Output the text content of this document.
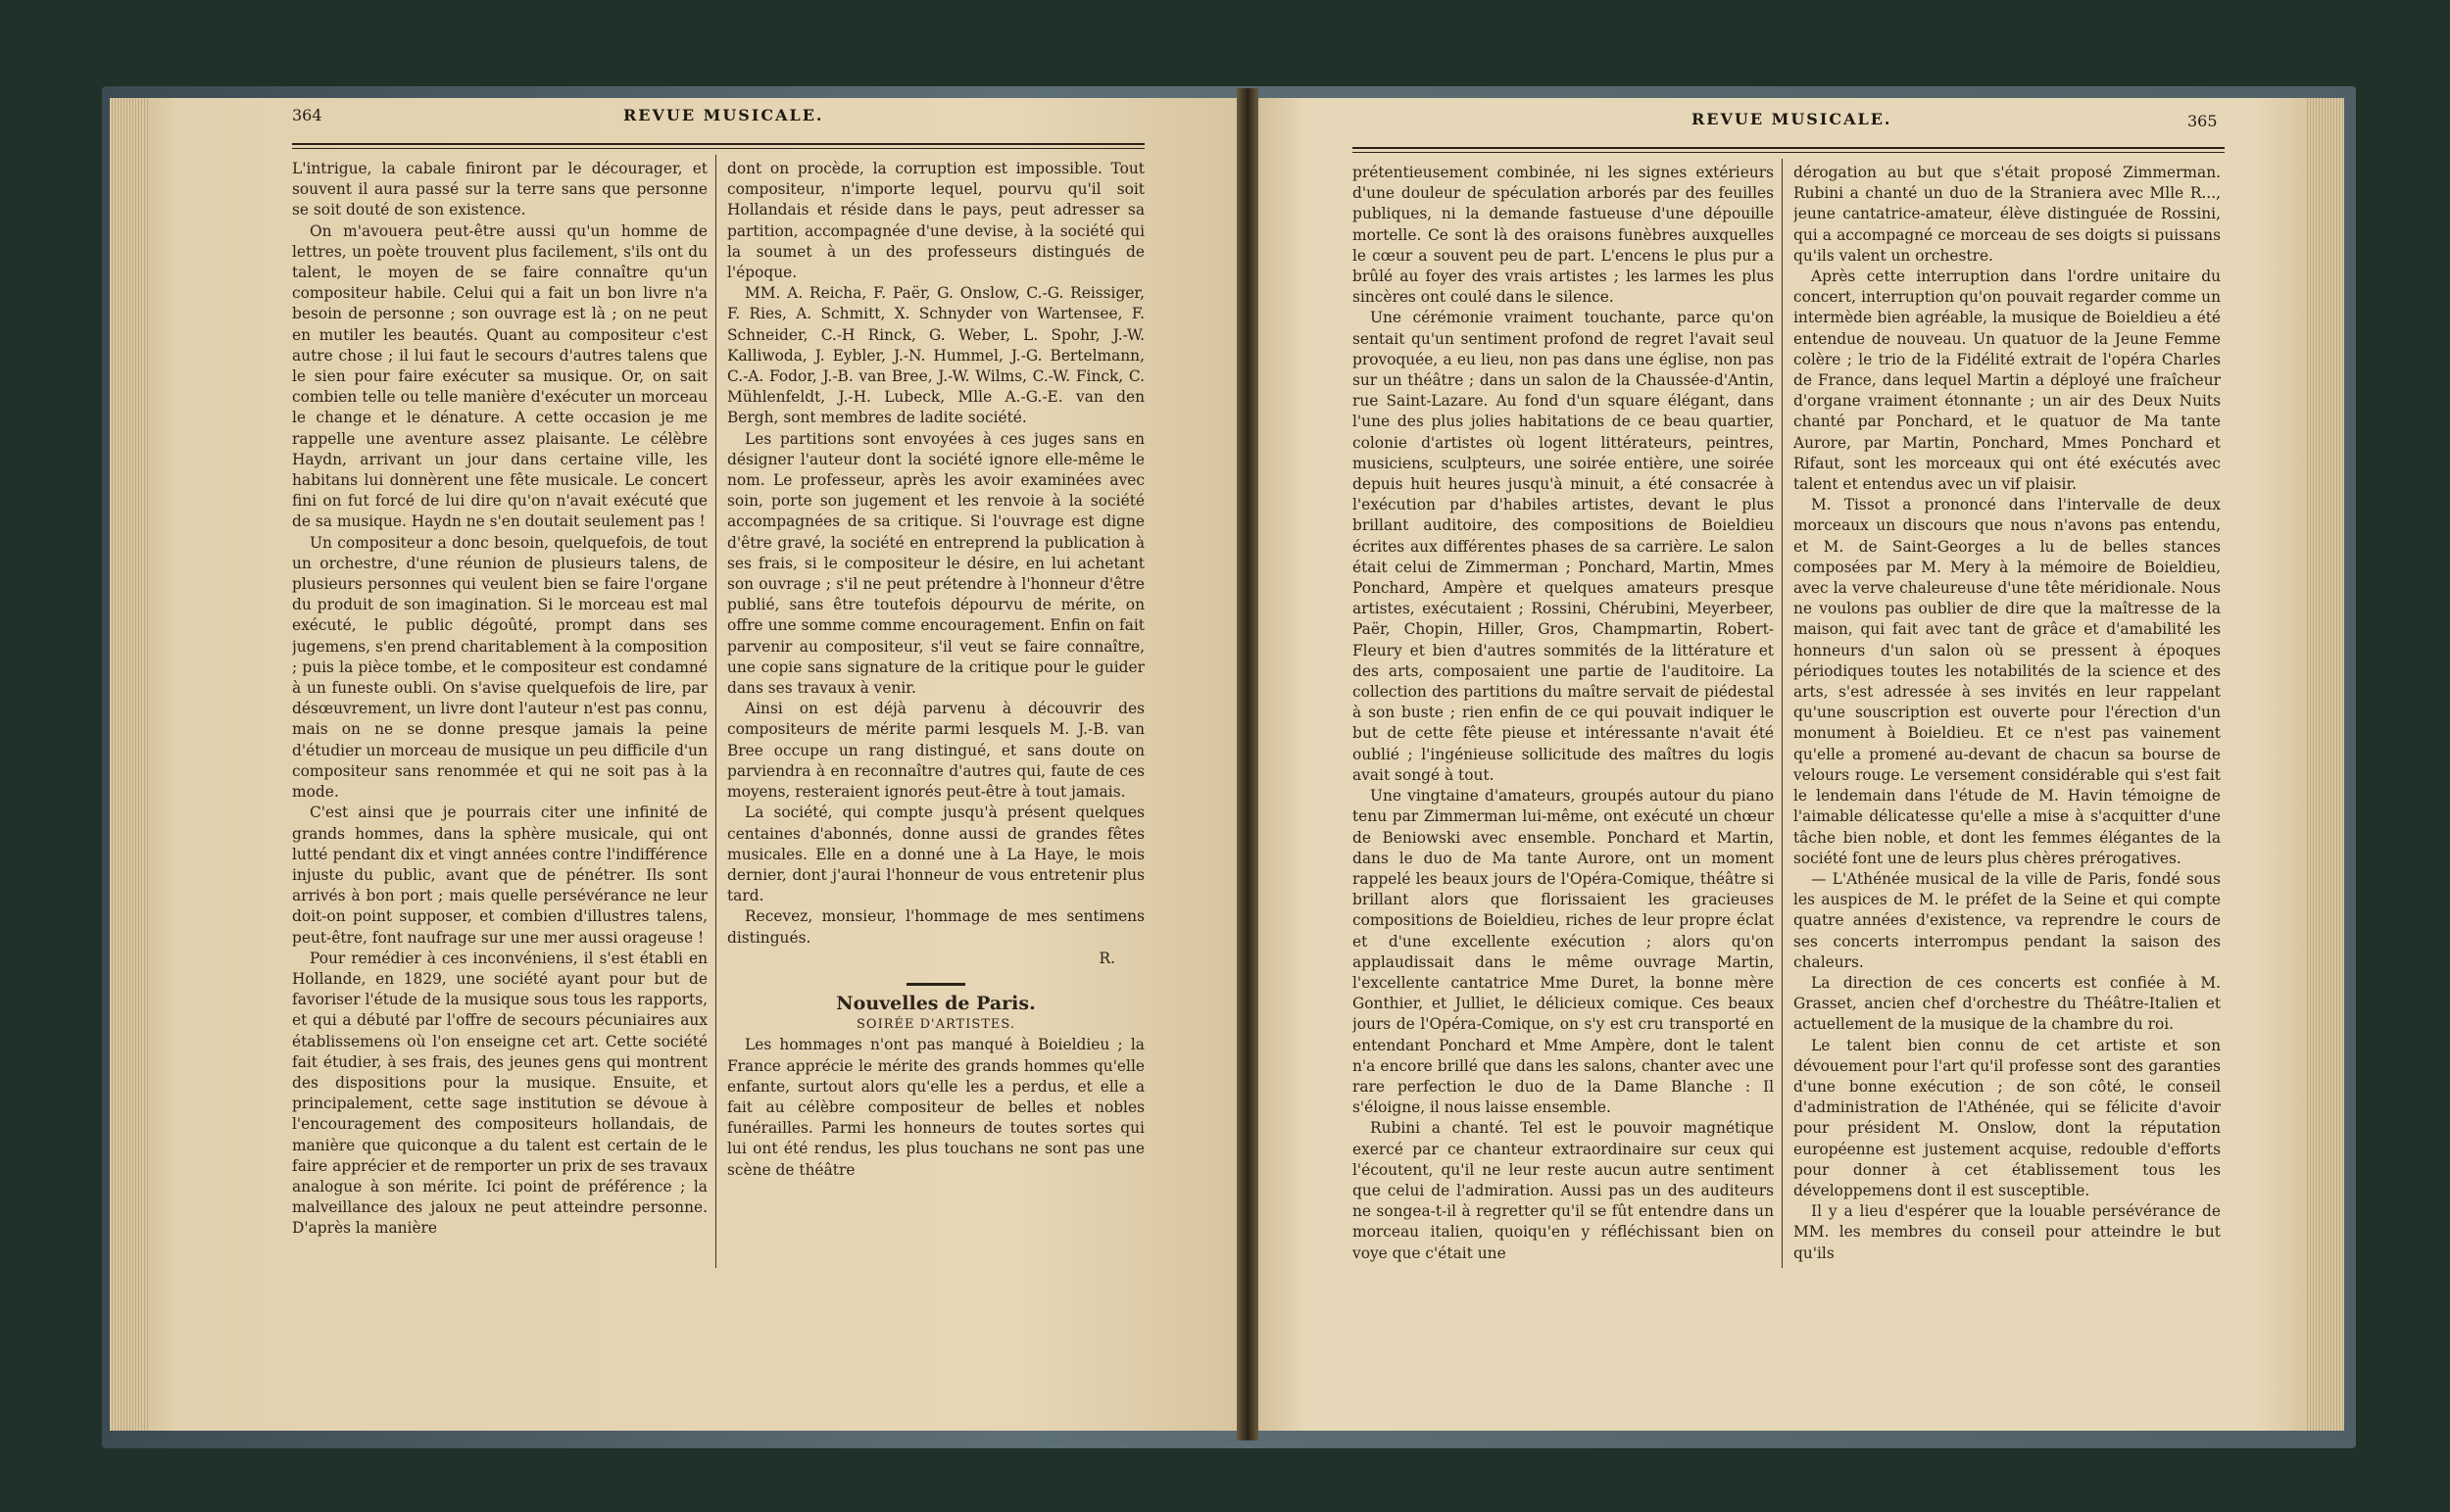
364	REVUE MUSICALE.

L'intrigue, la cabale finiront par le décourager, et souvent il aura passé sur la terre sans que personne se soit douté de son existence.

On m'avouera peut-être aussi qu'un homme de lettres, un poète trouvent plus facilement, s'ils ont du talent, le moyen de se faire connaître qu'un compositeur habile. Celui qui a fait un bon livre n'a besoin de personne ; son ouvrage est là ; on ne peut en mutiler les beautés. Quant au compositeur c'est autre chose ; il lui faut le secours d'autres talens que le sien pour faire exécuter sa musique. Or, on sait combien telle ou telle manière d'exécuter un morceau le change et le dénature. A cette occasion je me rappelle une aventure assez plaisante. Le célèbre Haydn, arrivant un jour dans certaine ville, les habitans lui donnèrent une fête musicale. Le concert fini on fut forcé de lui dire qu'on n'avait exécuté que de sa musique. Haydn ne s'en doutait seulement pas !

Un compositeur a donc besoin, quelquefois, de tout un orchestre, d'une réunion de plusieurs talens, de plusieurs personnes qui veulent bien se faire l'organe du produit de son imagination. Si le morceau est mal exécuté, le public dégoûté, prompt dans ses jugemens, s'en prend charitablement à la composition ; puis la pièce tombe, et le compositeur est condamné à un funeste oubli. On s'avise quelquefois de lire, par désœuvrement, un livre dont l'auteur n'est pas connu, mais on ne se donne presque jamais la peine d'étudier un morceau de musique un peu difficile d'un compositeur sans renommée et qui ne soit pas à la mode.

C'est ainsi que je pourrais citer une infinité de grands hommes, dans la sphère musicale, qui ont lutté pendant dix et vingt années contre l'indifférence injuste du public, avant que de pénétrer. Ils sont arrivés à bon port ; mais quelle persévérance ne leur doit-on point supposer, et combien d'illustres talens, peut-être, font naufrage sur une mer aussi orageuse !

Pour remédier à ces inconvéniens, il s'est établi en Hollande, en 1829, une société ayant pour but de favoriser l'étude de la musique sous tous les rapports, et qui a débuté par l'offre de secours pécuniaires aux établissemens où l'on enseigne cet art. Cette société fait étudier, à ses frais, des jeunes gens qui montrent des dispositions pour la musique. Ensuite, et principalement, cette sage institution se dévoue à l'encouragement des compositeurs hollandais, de manière que quiconque a du talent est certain de le faire apprécier et de remporter un prix de ses travaux analogue à son mérite. Ici point de préférence ; la malveillance des jaloux ne peut atteindre personne. D'après la manière

dont on procède, la corruption est impossible. Tout compositeur, n'importe lequel, pourvu qu'il soit Hollandais et réside dans le pays, peut adresser sa partition, accompagnée d'une devise, à la société qui la soumet à un des professeurs distingués de l'époque.

MM. A. Reicha, F. Paër, G. Onslow, C.-G. Reissiger, F. Ries, A. Schmitt, X. Schnyder von Wartensee, F. Schneider, C.-H Rinck, G. Weber, L. Spohr, J.-W. Kalliwoda, J. Eybler, J.-N. Hummel, J.-G. Bertelmann, C.-A. Fodor, J.-B. van Bree, J.-W. Wilms, C.-W. Finck, C. Mühlenfeldt, J.-H. Lubeck, Mlle A.-G.-E. van den Bergh, sont membres de ladite société.

Les partitions sont envoyées à ces juges sans en désigner l'auteur dont la société ignore elle-même le nom. Le professeur, après les avoir examinées avec soin, porte son jugement et les renvoie à la société accompagnées de sa critique. Si l'ouvrage est digne d'être gravé, la société en entreprend la publication à ses frais, si le compositeur le désire, en lui achetant son ouvrage ; s'il ne peut prétendre à l'honneur d'être publié, sans être toutefois dépourvu de mérite, on offre une somme comme encouragement. Enfin on fait parvenir au compositeur, s'il veut se faire connaître, une copie sans signature de la critique pour le guider dans ses travaux à venir.

Ainsi on est déjà parvenu à découvrir des compositeurs de mérite parmi lesquels M. J.-B. van Bree occupe un rang distingué, et sans doute on parviendra à en reconnaître d'autres qui, faute de ces moyens, resteraient ignorés peut-être à tout jamais.

La société, qui compte jusqu'à présent quelques centaines d'abonnés, donne aussi de grandes fêtes musicales. Elle en a donné une à La Haye, le mois dernier, dont j'aurai l'honneur de vous entretenir plus tard.

Recevez, monsieur, l'hommage de mes sentimens distingués.

R.

Nouvelles de Paris.

SOIRÉE D'ARTISTES.

Les hommages n'ont pas manqué à Boieldieu ; la France apprécie le mérite des grands hommes qu'elle enfante, surtout alors qu'elle les a perdus, et elle a fait au célèbre compositeur de belles et nobles funérailles. Parmi les honneurs de toutes sortes qui lui ont été rendus, les plus touchans ne sont pas une scène de théâtre

REVUE MUSICALE.	365

prétentieusement combinée, ni les signes extérieurs d'une douleur de spéculation arborés par des feuilles publiques, ni la demande fastueuse d'une dépouille mortelle. Ce sont là des oraisons funèbres auxquelles le cœur a souvent peu de part. L'encens le plus pur a brûlé au foyer des vrais artistes ; les larmes les plus sincères ont coulé dans le silence.

Une cérémonie vraiment touchante, parce qu'on sentait qu'un sentiment profond de regret l'avait seul provoquée, a eu lieu, non pas dans une église, non pas sur un théâtre ; dans un salon de la Chaussée-d'Antin, rue Saint-Lazare. Au fond d'un square élégant, dans l'une des plus jolies habitations de ce beau quartier, colonie d'artistes où logent littérateurs, peintres, musiciens, sculpteurs, une soirée entière, une soirée depuis huit heures jusqu'à minuit, a été consacrée à l'exécution par d'habiles artistes, devant le plus brillant auditoire, des compositions de Boieldieu écrites aux différentes phases de sa carrière. Le salon était celui de Zimmerman ; Ponchard, Martin, Mmes Ponchard, Ampère et quelques amateurs presque artistes, exécutaient ; Rossini, Chérubini, Meyerbeer, Paër, Chopin, Hiller, Gros, Champmartin, Robert-Fleury et bien d'autres sommités de la littérature et des arts, composaient une partie de l'auditoire. La collection des partitions du maître servait de piédestal à son buste ; rien enfin de ce qui pouvait indiquer le but de cette fête pieuse et intéressante n'avait été oublié ; l'ingénieuse sollicitude des maîtres du logis avait songé à tout.

Une vingtaine d'amateurs, groupés autour du piano tenu par Zimmerman lui-même, ont exécuté un chœur de Beniowski avec ensemble. Ponchard et Martin, dans le duo de Ma tante Aurore, ont un moment rappelé les beaux jours de l'Opéra-Comique, théâtre si brillant alors que florissaient les gracieuses compositions de Boieldieu, riches de leur propre éclat et d'une excellente exécution ; alors qu'on applaudissait dans le même ouvrage Martin, l'excellente cantatrice Mme Duret, la bonne mère Gonthier, et Julliet, le délicieux comique. Ces beaux jours de l'Opéra-Comique, on s'y est cru transporté en entendant Ponchard et Mme Ampère, dont le talent n'a encore brillé que dans les salons, chanter avec une rare perfection le duo de la Dame Blanche : Il s'éloigne, il nous laisse ensemble.

Rubini a chanté. Tel est le pouvoir magnétique exercé par ce chanteur extraordinaire sur ceux qui l'écoutent, qu'il ne leur reste aucun autre sentiment que celui de l'admiration. Aussi pas un des auditeurs ne songea-t-il à regretter qu'il se fût entendre dans un morceau italien, quoiqu'en y réfléchissant bien on voye que c'était une

dérogation au but que s'était proposé Zimmerman. Rubini a chanté un duo de la Straniera avec Mlle R..., jeune cantatrice-amateur, élève distinguée de Rossini, qui a accompagné ce morceau de ses doigts si puissans qu'ils valent un orchestre.

Après cette interruption dans l'ordre unitaire du concert, interruption qu'on pouvait regarder comme un intermède bien agréable, la musique de Boieldieu a été entendue de nouveau. Un quatuor de la Jeune Femme colère ; le trio de la Fidélité extrait de l'opéra Charles de France, dans lequel Martin a déployé une fraîcheur d'organe vraiment étonnante ; un air des Deux Nuits chanté par Ponchard, et le quatuor de Ma tante Aurore, par Martin, Ponchard, Mmes Ponchard et Rifaut, sont les morceaux qui ont été exécutés avec talent et entendus avec un vif plaisir.

M. Tissot a prononcé dans l'intervalle de deux morceaux un discours que nous n'avons pas entendu, et M. de Saint-Georges a lu de belles stances composées par M. Mery à la mémoire de Boieldieu, avec la verve chaleureuse d'une tête méridionale. Nous ne voulons pas oublier de dire que la maîtresse de la maison, qui fait avec tant de grâce et d'amabilité les honneurs d'un salon où se pressent à époques périodiques toutes les notabilités de la science et des arts, s'est adressée à ses invités en leur rappelant qu'une souscription est ouverte pour l'érection d'un monument à Boieldieu. Et ce n'est pas vainement qu'elle a promené au-devant de chacun sa bourse de velours rouge. Le versement considérable qui s'est fait le lendemain dans l'étude de M. Havin témoigne de l'aimable délicatesse qu'elle a mise à s'acquitter d'une tâche bien noble, et dont les femmes élégantes de la société font une de leurs plus chères prérogatives.

— L'Athénée musical de la ville de Paris, fondé sous les auspices de M. le préfet de la Seine et qui compte quatre années d'existence, va reprendre le cours de ses concerts interrompus pendant la saison des chaleurs.

La direction de ces concerts est confiée à M. Grasset, ancien chef d'orchestre du Théâtre-Italien et actuellement de la musique de la chambre du roi.

Le talent bien connu de cet artiste et son dévouement pour l'art qu'il professe sont des garanties d'une bonne exécution ; de son côté, le conseil d'administration de l'Athénée, qui se félicite d'avoir pour président M. Onslow, dont la réputation européenne est justement acquise, redouble d'efforts pour donner à cet établissement tous les développemens dont il est susceptible.

Il y a lieu d'espérer que la louable persévérance de MM. les membres du conseil pour atteindre le but qu'ils
